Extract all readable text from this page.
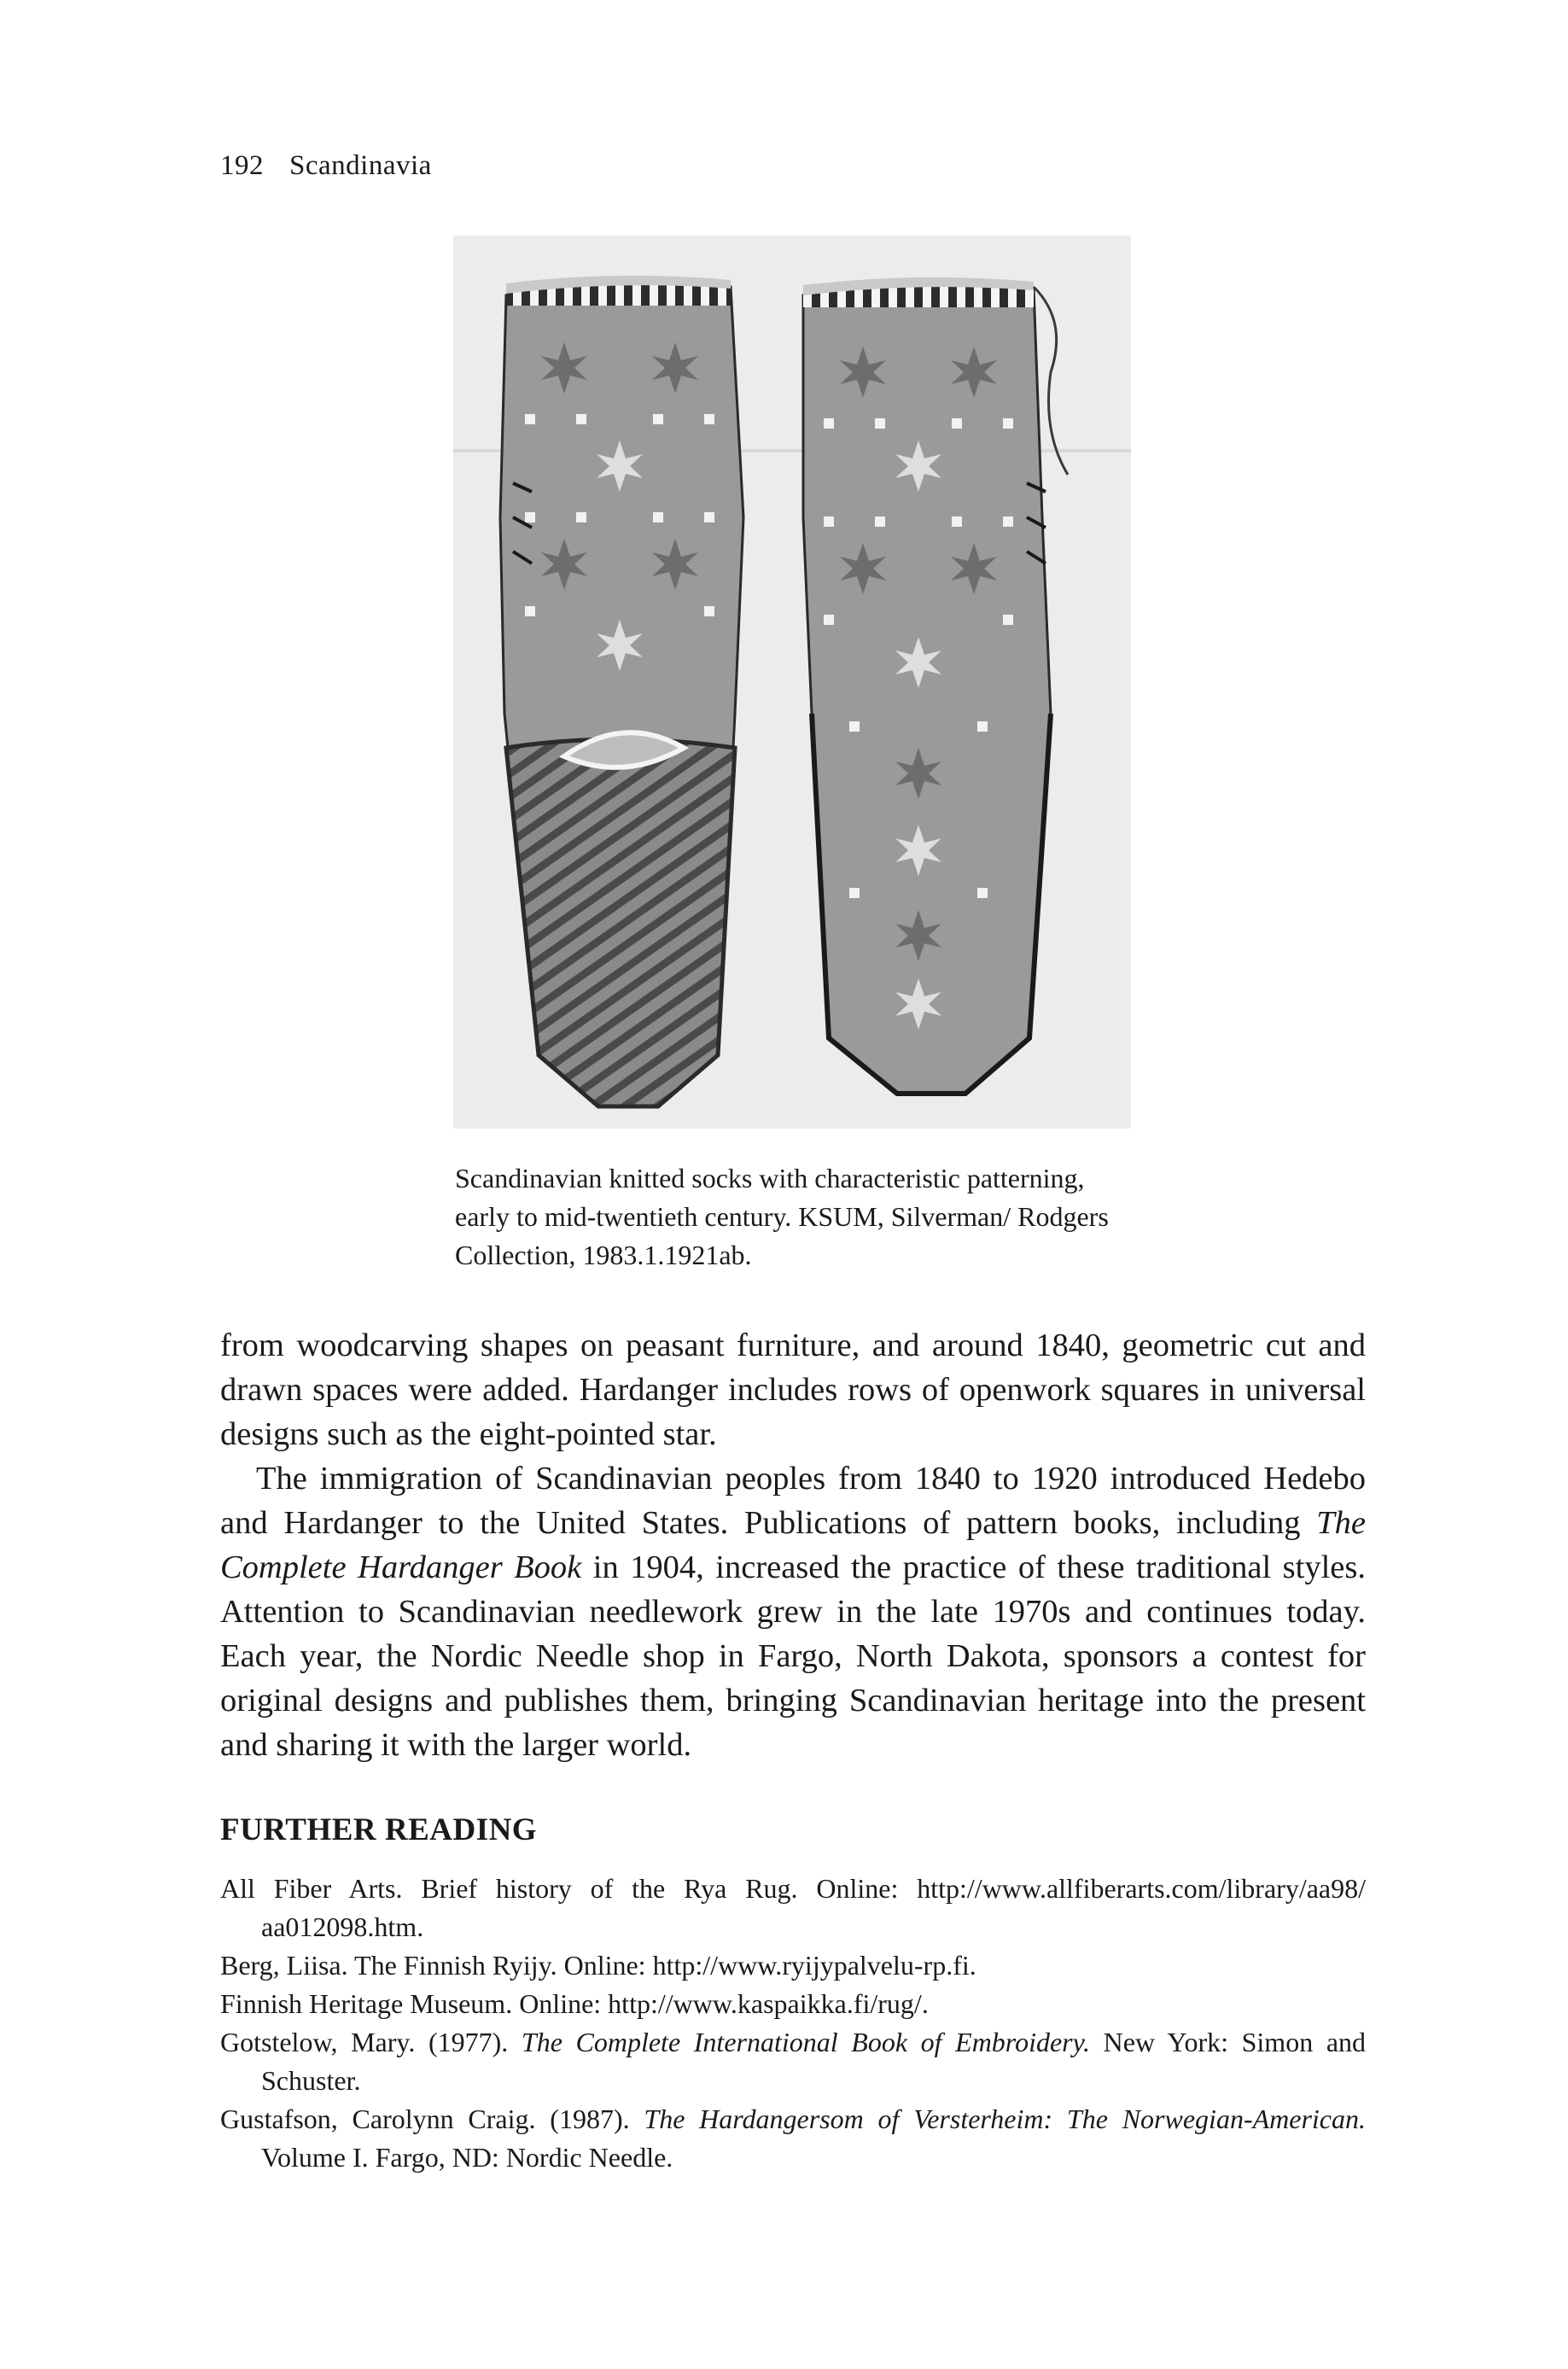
192 Scandinavia
Scandinavian knitted socks with characteristic patterning, early to mid-twentieth century. KSUM, Silverman/ Rodgers Collection, 1983.1.1921ab.

from woodcarving shapes on peasant furniture, and around 1840, geometric cut and drawn spaces were added. Hardanger includes rows of openwork squares in universal designs such as the eight-pointed star.

The immigration of Scandinavian peoples from 1840 to 1920 introduced Hedebo and Hardanger to the United States. Publications of pattern books, including The Complete Hardanger Book in 1904, increased the practice of these traditional styles. Attention to Scandinavian needlework grew in the late 1970s and continues today. Each year, the Nordic Needle shop in Fargo, North Dakota, sponsors a contest for original designs and publishes them, bringing Scandinavian heritage into the present and sharing it with the larger world.

FURTHER READING
All Fiber Arts. Brief history of the Rya Rug. Online: http://www.allfiberarts.com/library/aa98/ aa012098.htm.
Berg, Liisa. The Finnish Ryijy. Online: http://www.ryijypalvelu-rp.fi.
Finnish Heritage Museum. Online: http://www.kaspaikka.fi/rug/.
Gotstelow, Mary. (1977). The Complete International Book of Embroidery. New York: Simon and Schuster.
Gustafson, Carolynn Craig. (1987). The Hardangersom of Versterheim: The Norwegian-American. Volume I. Fargo, ND: Nordic Needle.
